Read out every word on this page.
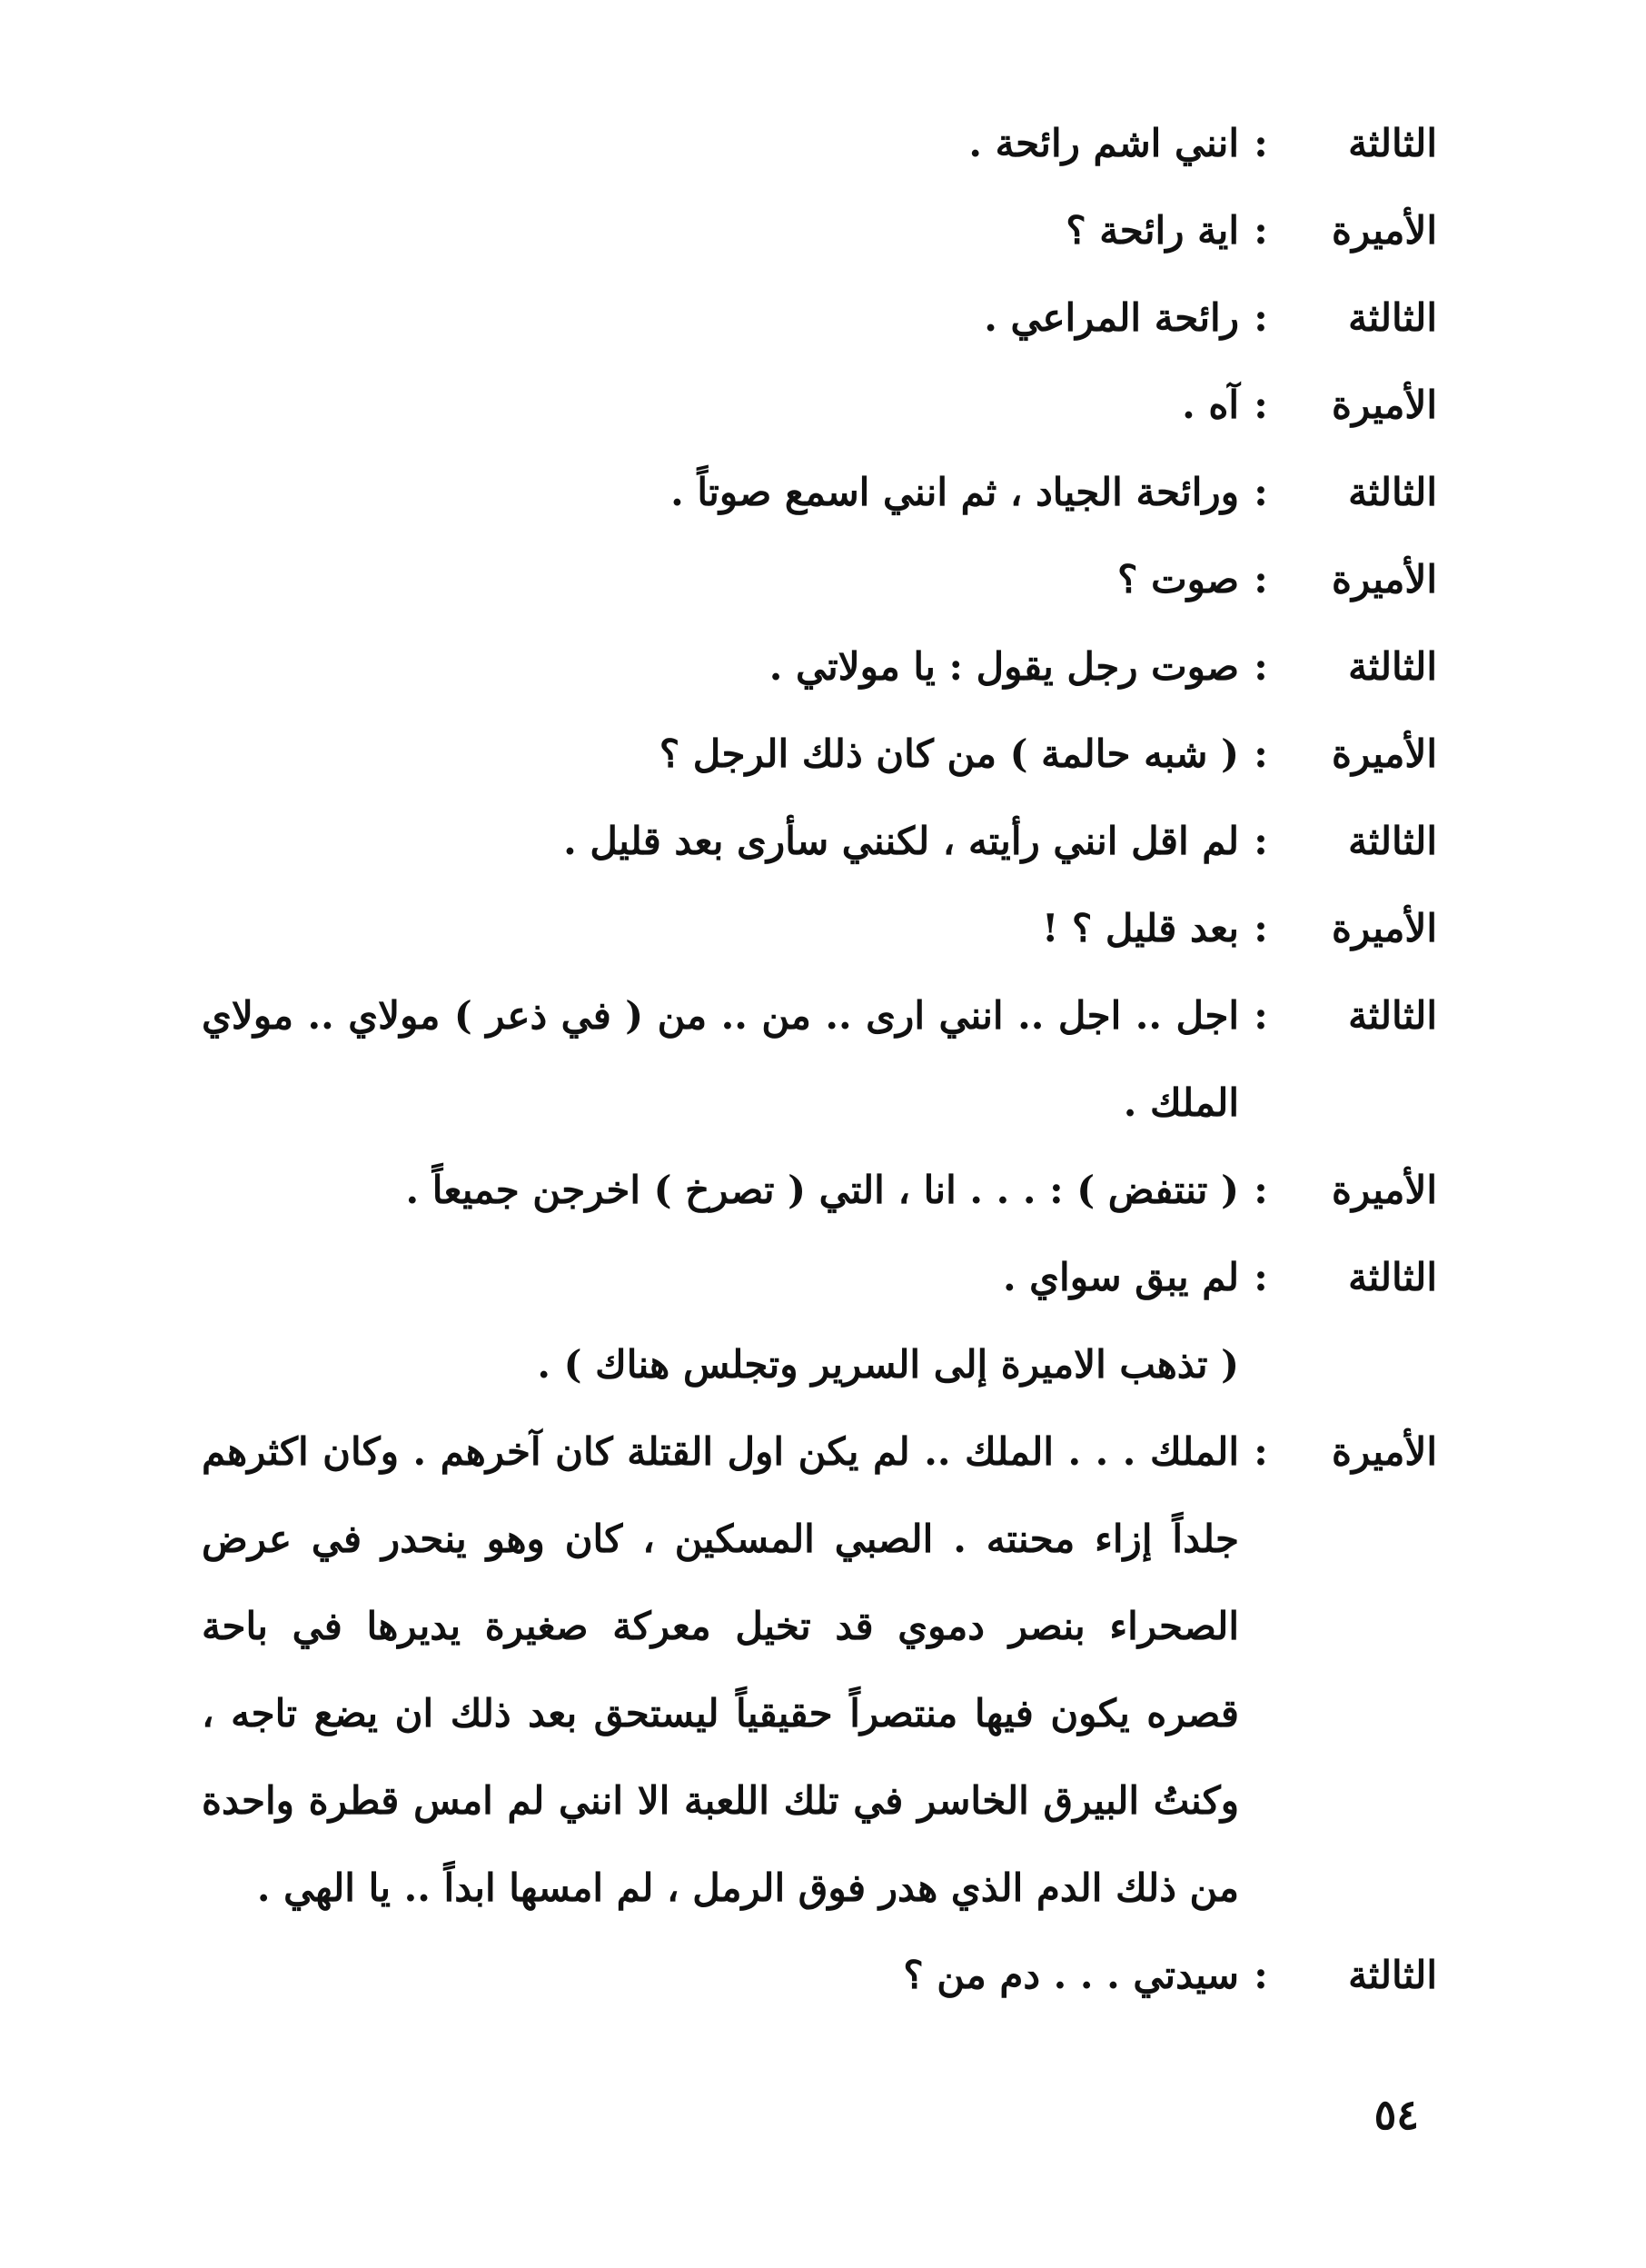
الثالثة
:
انني اشم رائحة .
الأميرة
:
اية رائحة ؟
الثالثة
:
رائحة المراعي .
الأميرة
:
آه .
الثالثة
:
ورائحة الجياد ، ثم انني اسمع صوتاً .
الأميرة
:
صوت ؟
الثالثة
:
صوت رجل يقول : يا مولاتي .
الأميرة
:
( شبه حالمة ) من كان ذلك الرجل ؟
الثالثة
:
لم اقل انني رأيته ، لكنني سأرى بعد قليل .
الأميرة
:
بعد قليل ؟ !
الثالثة
:
اجل .. اجل .. انني ارى .. من .. من ( في ذعر ) مولاي .. مولاي الملك .
الأميرة
:
( تنتفض ) : . . . انا ، التي ( تصرخ ) اخرجن جميعاً .
الثالثة
:
لم يبق سواي .
( تذهب الاميرة إلى السرير وتجلس هناك ) .
الأميرة
:
الملك . . . الملك .. لم يكن اول القتلة كان آخرهم . وكان اكثرهم جلداً إزاء محنته . الصبي المسكين ، كان وهو ينحدر في عرض الصحراء بنصر دموي قد تخيل معركة صغيرة يديرها في باحة قصره يكون فيها منتصراً حقيقياً ليستحق بعد ذلك ان يضع تاجه ، وكنتُ البيرق الخاسر في تلك اللعبة الا انني لم امس قطرة واحدة من ذلك الدم الذي هدر فوق الرمل ، لم امسها ابداً .. يا الهي .
الثالثة
:
سيدتي . . . دم من ؟
٥٤
